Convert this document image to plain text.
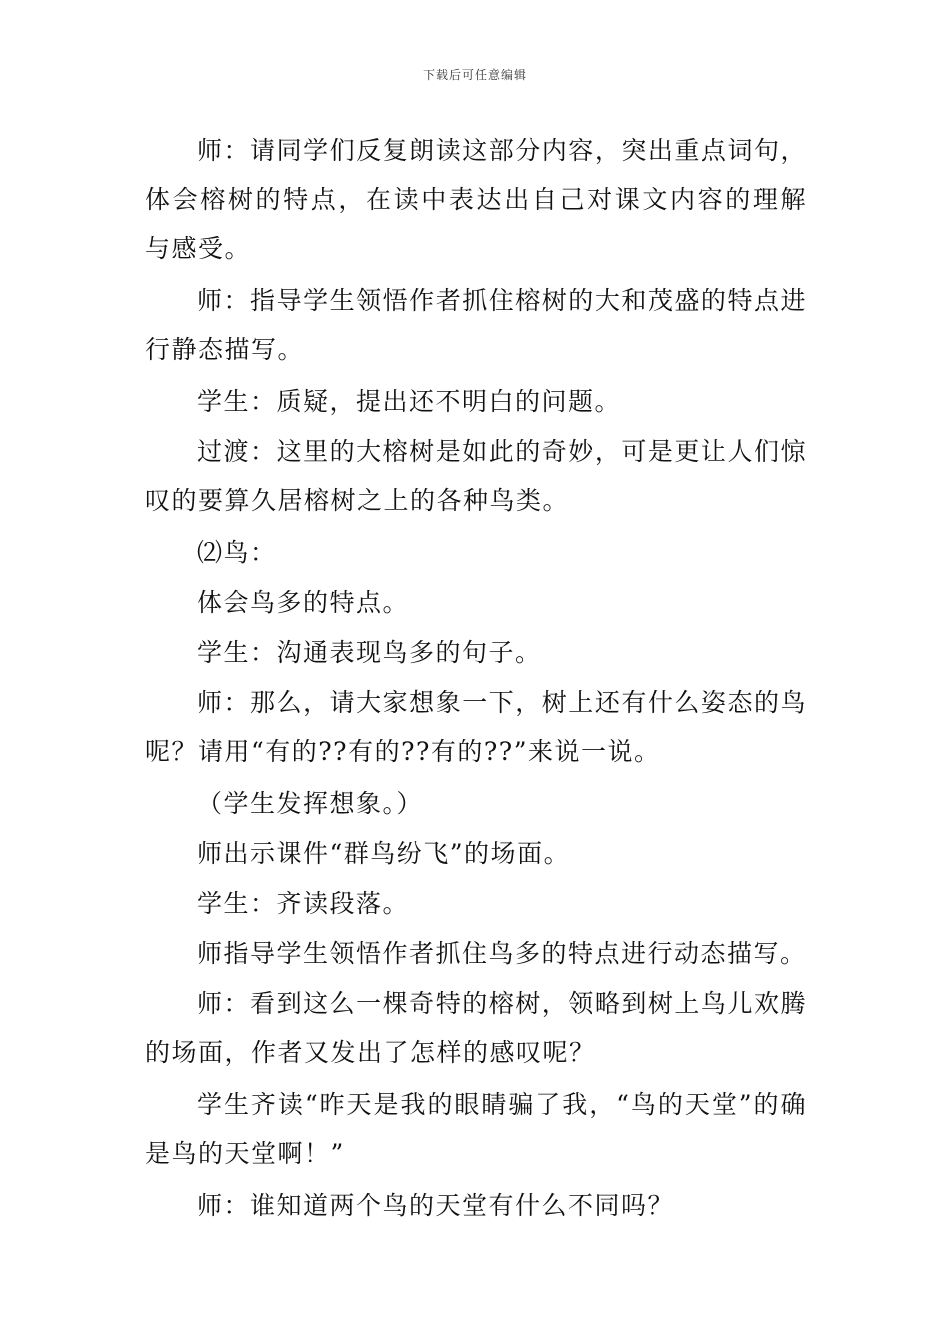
下载后可任意编辑

师：请同学们反复朗读这部分内容，突出重点词句，体会榕树的特点，在读中表达出自己对课文内容的理解与感受。

师：指导学生领悟作者抓住榕树的大和茂盛的特点进行静态描写。

学生：质疑，提出还不明白的问题。

过渡：这里的大榕树是如此的奇妙，可是更让人们惊叹的要算久居榕树之上的各种鸟类。

⑵鸟：

体会鸟多的特点。

学生：沟通表现鸟多的句子。

师：那么，请大家想象一下，树上还有什么姿态的鸟呢？请用“有的??有的??有的??”来说一说。

（学生发挥想象。）

师出示课件“群鸟纷飞”的场面。

学生：齐读段落。

师指导学生领悟作者抓住鸟多的特点进行动态描写。

师：看到这么一棵奇特的榕树，领略到树上鸟儿欢腾的场面，作者又发出了怎样的感叹呢？

学生齐读“昨天是我的眼睛骗了我，“鸟的天堂”的确是鸟的天堂啊！”

师：谁知道两个鸟的天堂有什么不同吗？
